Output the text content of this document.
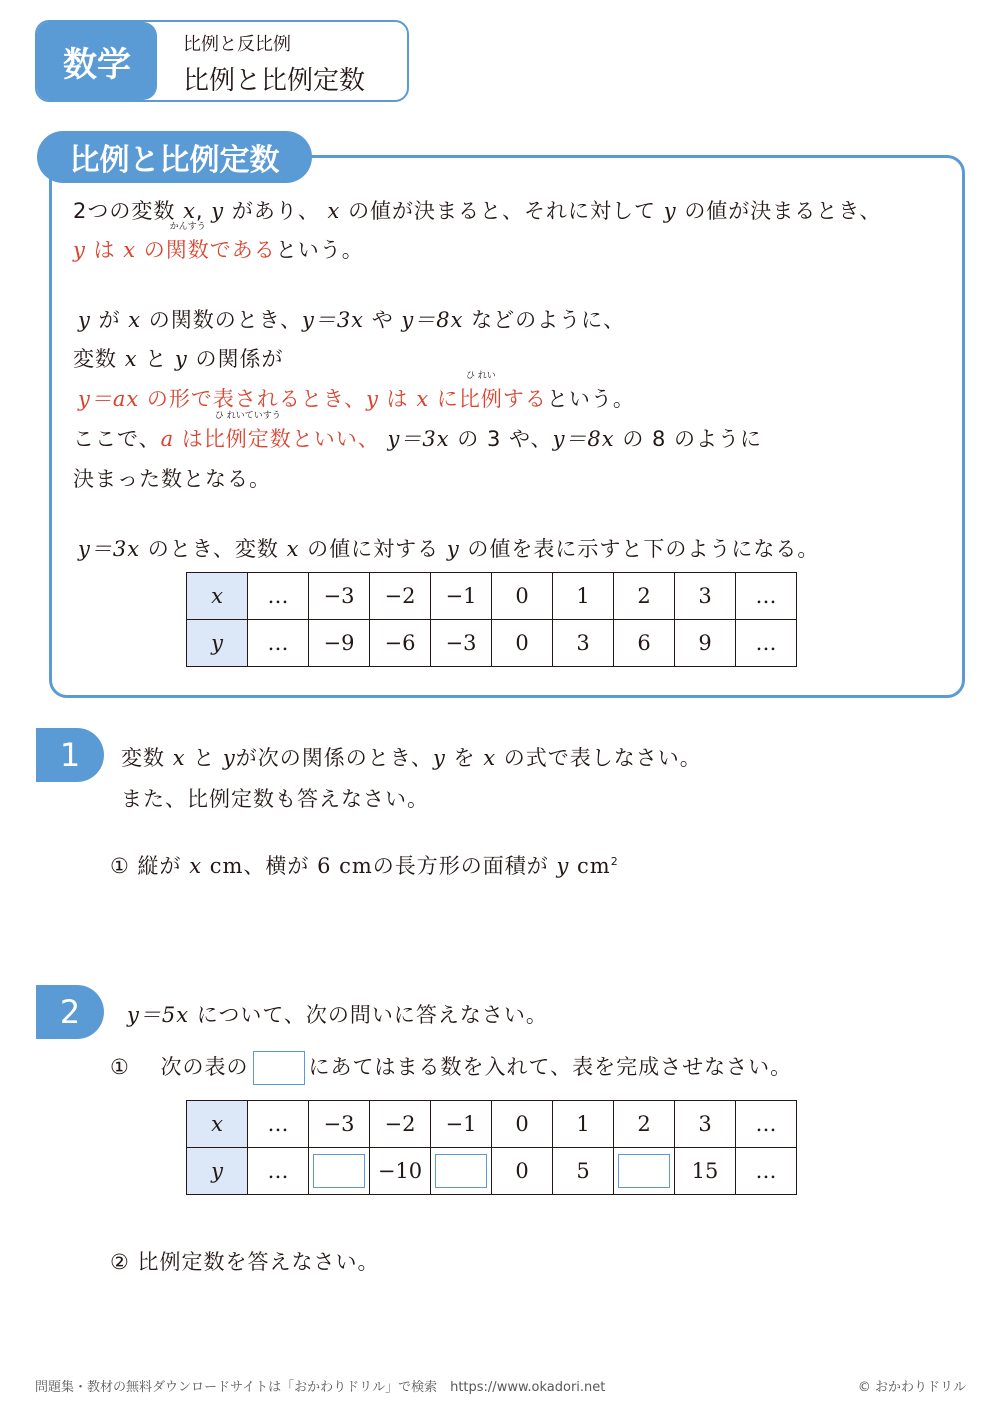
数学	比例と反比例
比例と比例定数
比例と比例定数
2つの変数 x, y があり、 x の値が決まると、それに対して y の値が決まるとき、
y は x の
かんすう
関数であるという。
y が x の関数のとき、y＝3x や y＝8x などのように、
変数 x と y の関係が
y＝ax の形で表されるとき、y は x に
ひ れい
比例するという。
ここで、a は
ひ れいていすう
比例定数といい、 y＝3x の 3 や、y＝8x の 8 のように
決まった数となる。
y＝3x のとき、変数 x の値に対する y の値を表に示すと下のようになる。
x	…	−3	−2	−1	0	1	2	3	…
y	…	−9	−6	−3	0	3	6	9	…
1	変数 x と yが次の関係のとき、y を x の式で表しなさい。
また、比例定数も答えなさい。
① 縦が x cm、横が 6 cmの長方形の面積が y $cm^2$
2	y＝5x について、次の問いに答えなさい。
① 次の表の	にあてはまる数を入れて、表を完成させなさい。
x	…	−3	−2	−1	0	1	2	3	…
y	…		−10		0	5		15	…
② 比例定数を答えなさい。
問題集・教材の無料ダウンロードサイトは「おかわりドリル」で検索　https://www.okadori.net	© おかわりドリル
